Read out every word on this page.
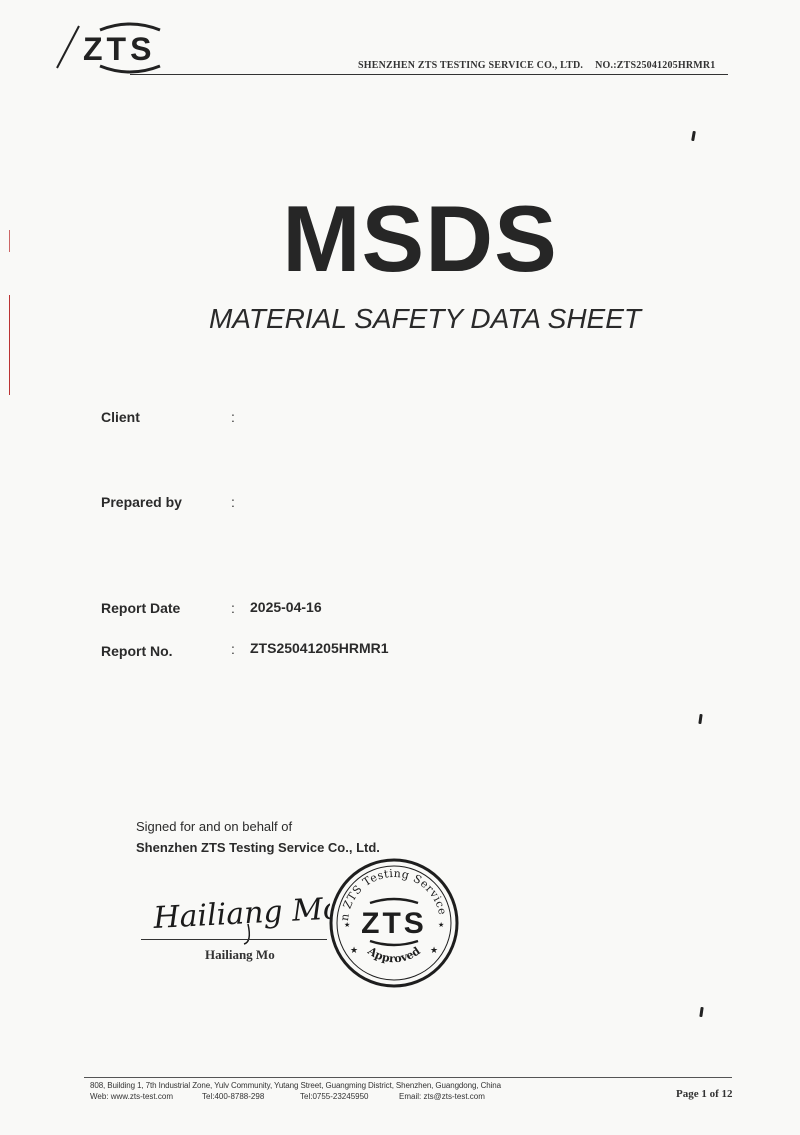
ZTS	SHENZHEN ZTS TESTING SERVICE CO., LTD. NO.:ZTS25041205HRMR1
MSDS
MATERIAL SAFETY DATA SHEET
Client	:
Prepared by	:
Report Date	: 2025-04-16
Report No.	: ZTS25041205HRMR1
Signed for and on behalf of
Shenzhen ZTS Testing Service Co., Ltd.
Hailiang Mo
Hailiang Mo
n ZTS Testing Service
Approved
ZTS
★	★
★	★
808, Building 1, 7th Industrial Zone, Yulv Community, Yutang Street, Guangming District, Shenzhen, Guangdong, China
Web: www.zts-test.com	Tel:400-8788-298	Tel:0755-23245950	Email: zts@zts-test.com	Page 1 of 12
